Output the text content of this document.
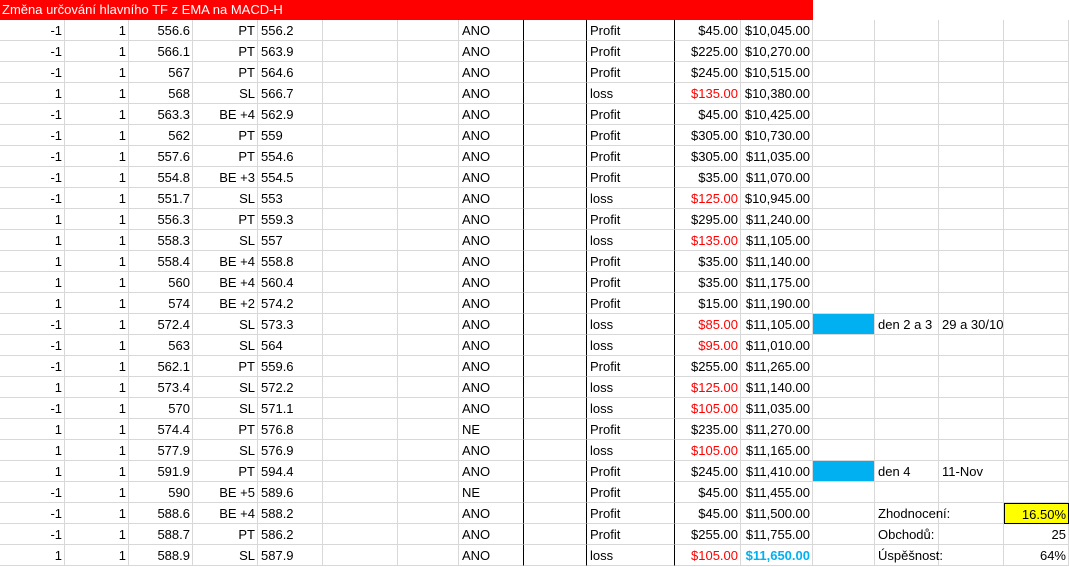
Změna určování hlavního TF z EMA na MACD-H
-1	1	556.6	PT 556.2	ANO	Profit	$45.00 $10,045.00
-1	1	566.1	PT 563.9	ANO	Profit	$225.00 $10,270.00
-1	1	567	PT 564.6	ANO	Profit	$245.00 $10,515.00
1	1	568	SL 566.7	ANO	loss	$135.00 $10,380.00
-1	1	563.3	BE +4 562.9	ANO	Profit	$45.00 $10,425.00
-1	1	562	PT 559	ANO	Profit	$305.00 $10,730.00
-1	1	557.6	PT 554.6	ANO	Profit	$305.00 $11,035.00
-1	1	554.8	BE +3 554.5	ANO	Profit	$35.00 $11,070.00
-1	1	551.7	SL 553	ANO	loss	$125.00 $10,945.00
1	1	556.3	PT 559.3	ANO	Profit	$295.00 $11,240.00
1	1	558.3	SL 557	ANO	loss	$135.00 $11,105.00
1	1	558.4	BE +4 558.8	ANO	Profit	$35.00 $11,140.00
1	1	560	BE +4 560.4	ANO	Profit	$35.00 $11,175.00
1	1	574	BE +2 574.2	ANO	Profit	$15.00 $11,190.00
-1	1	572.4	SL 573.3	ANO	loss	$85.00 $11,105.00	den 2 a 3 29 a 30/10
-1	1	563	SL 564	ANO	loss	$95.00 $11,010.00
-1	1	562.1	PT 559.6	ANO	Profit	$255.00 $11,265.00
1	1	573.4	SL 572.2	ANO	loss	$125.00 $11,140.00
-1	1	570	SL 571.1	ANO	loss	$105.00 $11,035.00
1	1	574.4	PT 576.8	NE	Profit	$235.00 $11,270.00
1	1	577.9	SL 576.9	ANO	loss	$105.00 $11,165.00
1	1	591.9	PT 594.4	ANO	Profit	$245.00 $11,410.00	den 4	11-Nov
-1	1	590	BE +5 589.6	NE	Profit	$45.00 $11,455.00
-1	1	588.6	BE +4 588.2	ANO	Profit	$45.00 $11,500.00	Zhodnocení:	16.50%
-1	1	588.7	PT 586.2	ANO	Profit	$255.00 $11,755.00	Obchodů:	25
1	1	588.9	SL 587.9	ANO	loss	$105.00 $11,650.00	Úspěšnost:	64%
